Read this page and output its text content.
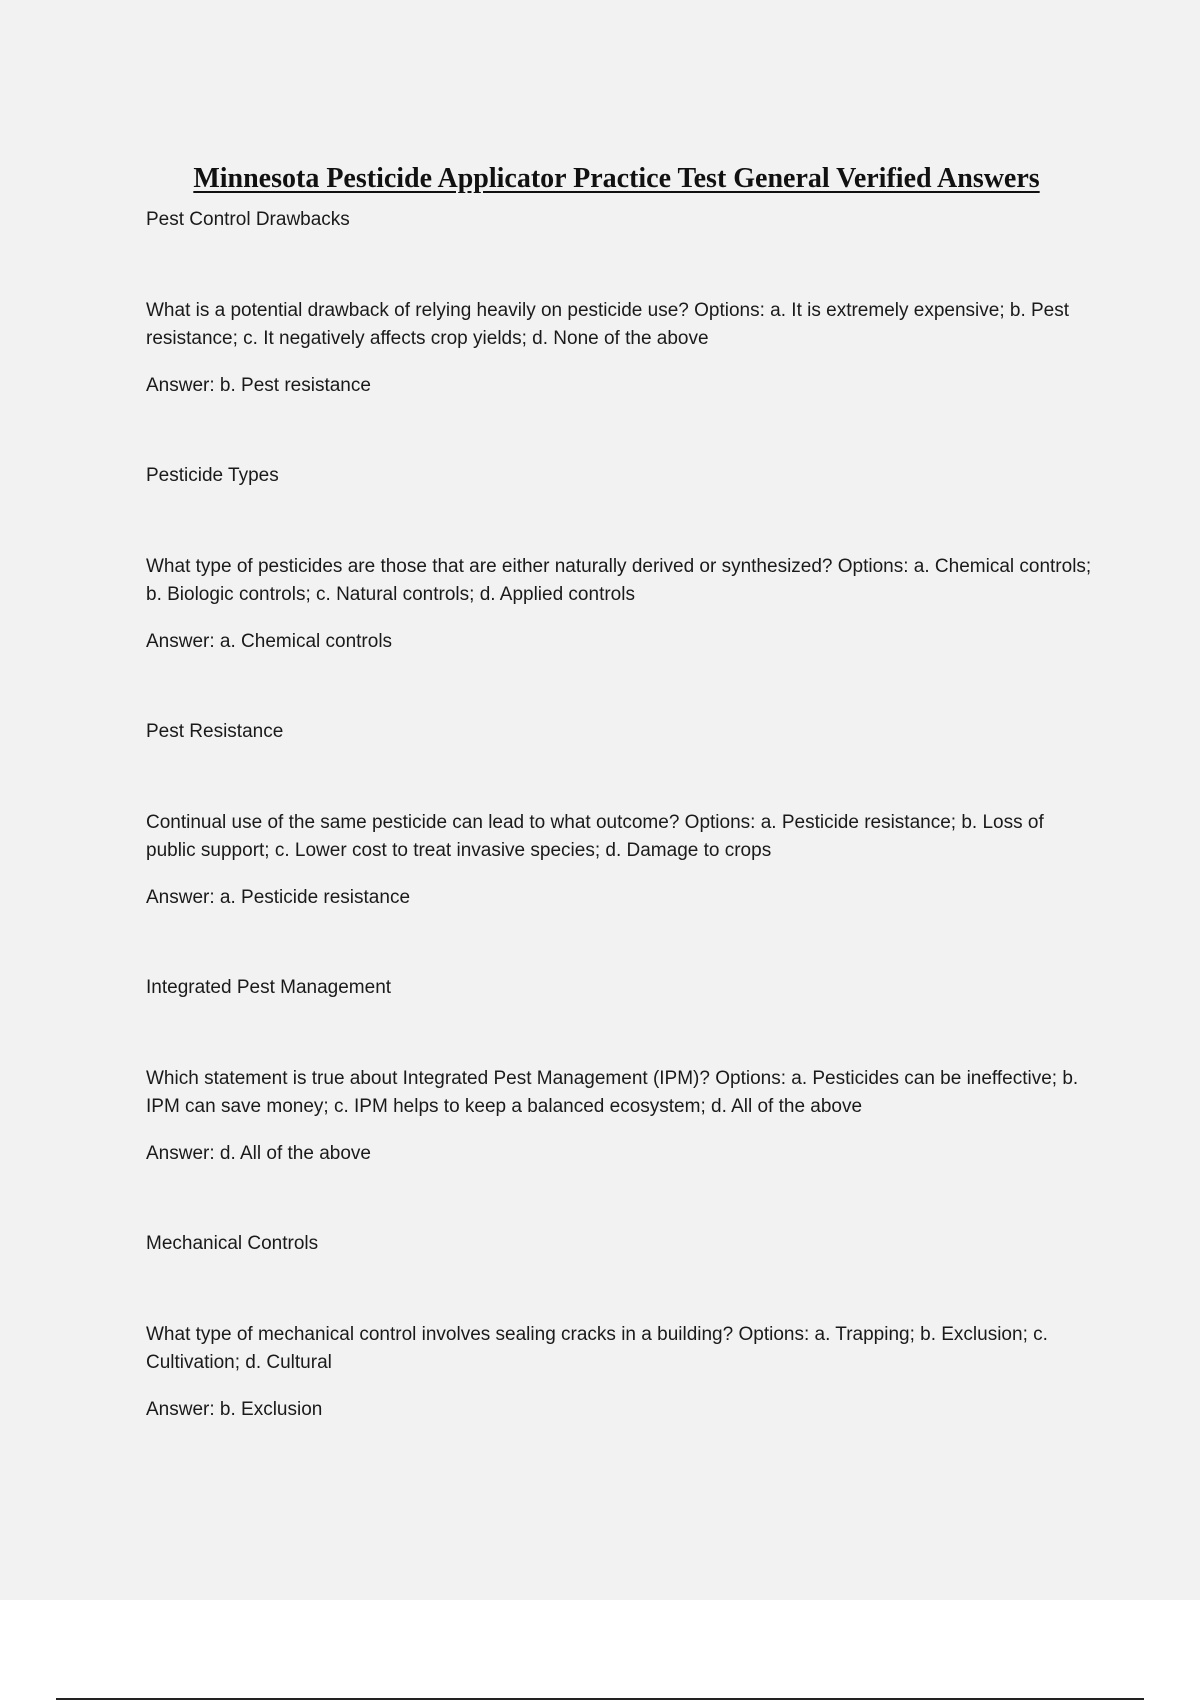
Minnesota Pesticide Applicator Practice Test General Verified Answers

Pest Control Drawbacks

What is a potential drawback of relying heavily on pesticide use? Options: a. It is extremely expensive; b. Pest resistance; c. It negatively affects crop yields; d. None of the above

Answer: b. Pest resistance

Pesticide Types

What type of pesticides are those that are either naturally derived or synthesized? Options: a. Chemical controls; b. Biologic controls; c. Natural controls; d. Applied controls

Answer: a. Chemical controls

Pest Resistance

Continual use of the same pesticide can lead to what outcome? Options: a. Pesticide resistance; b. Loss of public support; c. Lower cost to treat invasive species; d. Damage to crops

Answer: a. Pesticide resistance

Integrated Pest Management

Which statement is true about Integrated Pest Management (IPM)? Options: a. Pesticides can be ineffective; b. IPM can save money; c. IPM helps to keep a balanced ecosystem; d. All of the above

Answer: d. All of the above

Mechanical Controls

What type of mechanical control involves sealing cracks in a building? Options: a. Trapping; b. Exclusion; c. Cultivation; d. Cultural

Answer: b. Exclusion
